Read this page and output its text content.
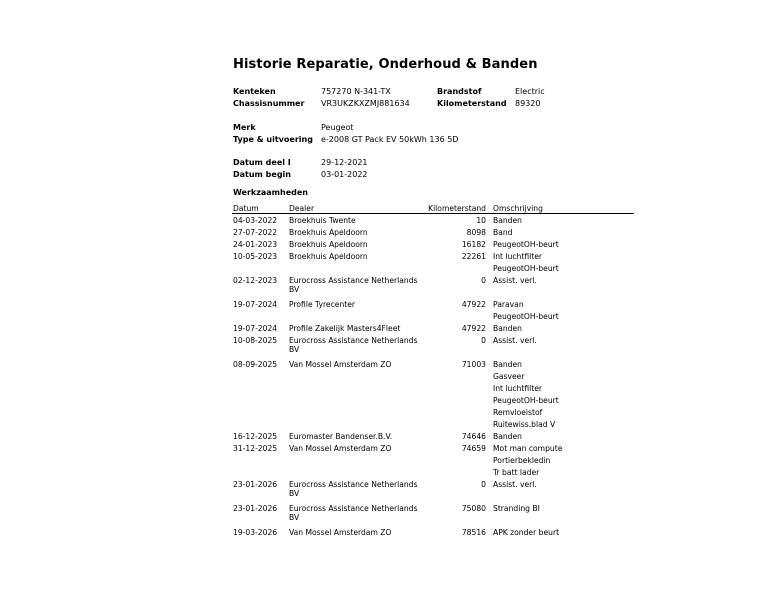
Historie Reparatie, Onderhoud & Banden
Kenteken	757270 N-341-TX	Brandstof	Electric
Chassisnummer VR3UKZKXZMJ881634	Kilometerstand 89320
Merk	Peugeot
Type & uitvoering e-2008 GT Pack EV 50kWh 136 5D
Datum deel I	29-12-2021
Datum begin	03-01-2022
Werkzaamheden
Datum	Dealer	Kilometerstand Omschrijving
04-03-2022 Broekhuis Twente	10 Banden
27-07-2022 Broekhuis Apeldoorn	8098 Band
24-01-2023 Broekhuis Apeldoorn	16182 PeugeotOH-beurt
10-05-2023 Broekhuis Apeldoorn	22261 Int luchtfilter
PeugeotOH-beurt
02-12-2023 Eurocross Assistance Netherlands BV
0 Assist. verl.
19-07-2024 Profile Tyrecenter	47922 Paravan
PeugeotOH-beurt
19-07-2024 Profile Zakelijk Masters4Fleet	47922 Banden
10-08-2025 Eurocross Assistance Netherlands BV
0 Assist. verl.
08-09-2025 Van Mossel Amsterdam ZO	71003 Banden
Gasveer
Int luchtfilter
PeugeotOH-beurt
Remvloeistof
Ruitewiss.blad V
16-12-2025 Euromaster Bandenser.B.V.	74646 Banden
31-12-2025 Van Mossel Amsterdam ZO	74659 Mot man compute
Portierbekledin
Tr batt lader
23-01-2026 Eurocross Assistance Netherlands BV
0 Assist. verl.
23-01-2026 Eurocross Assistance Netherlands BV
75080 Stranding BI
19-03-2026 Van Mossel Amsterdam ZO	78516 APK zonder beurt
